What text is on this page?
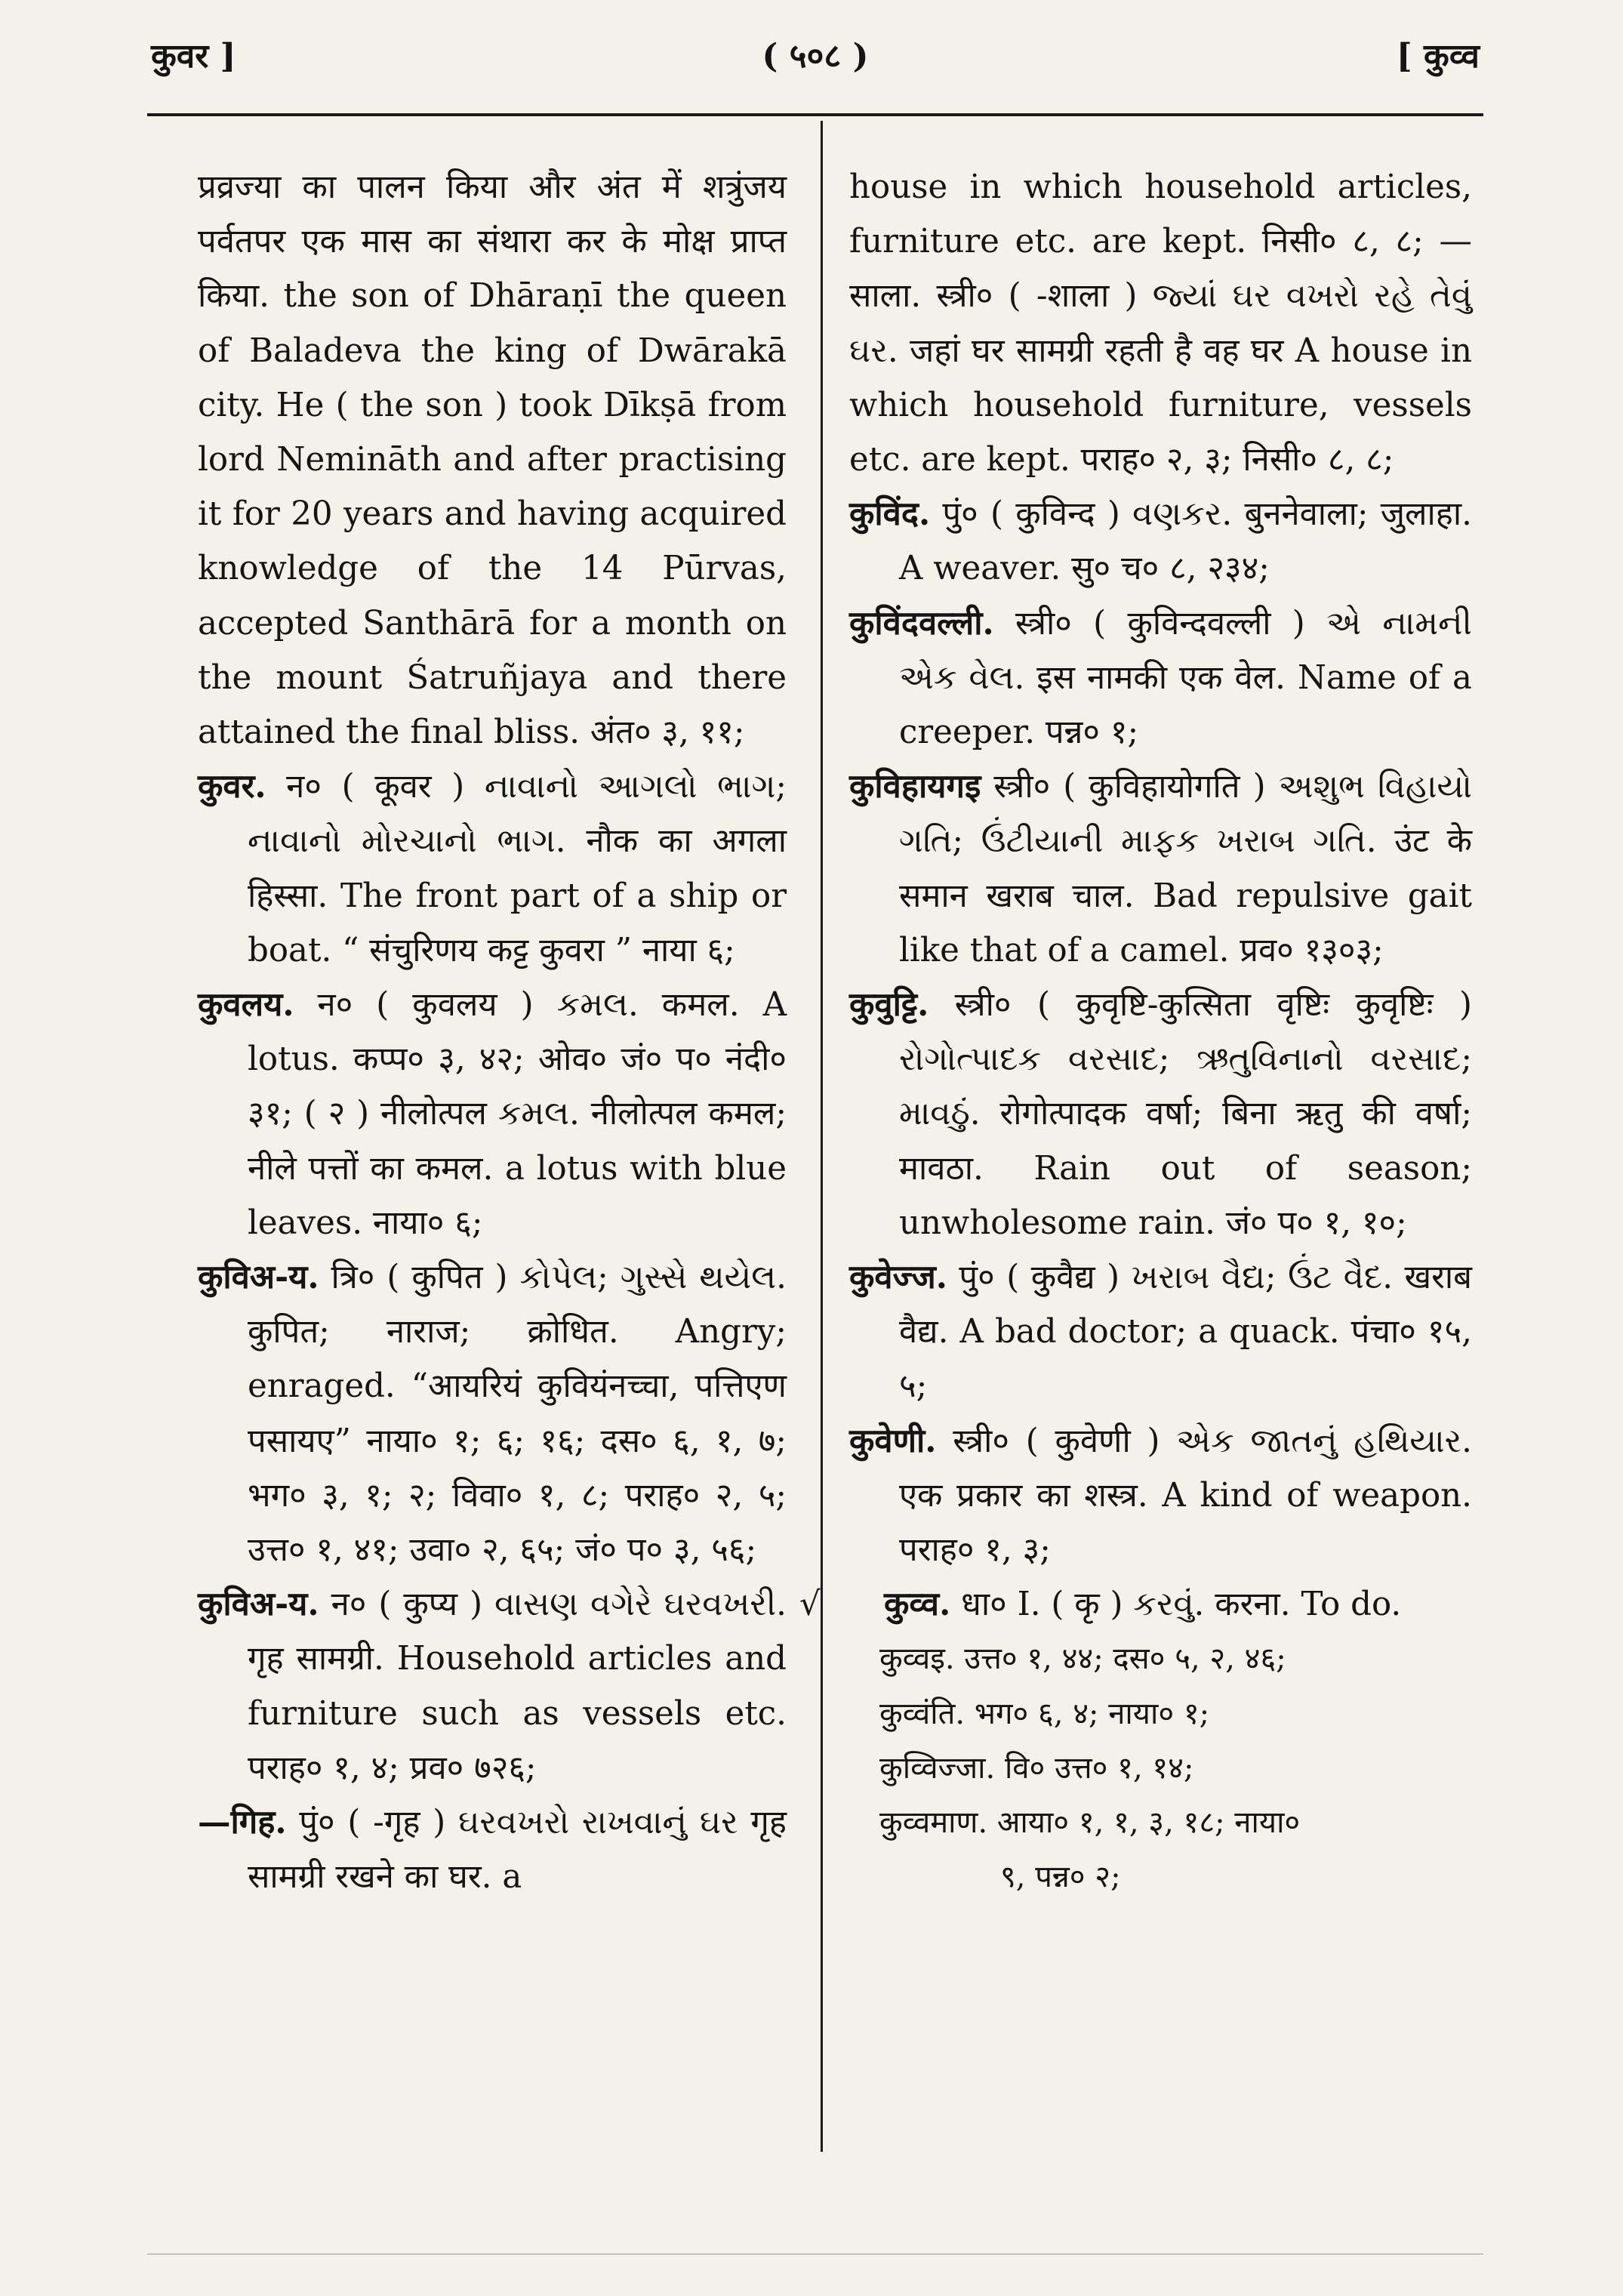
कुवर ]	( ५०८ )	[ कुव्व

प्रव्रज्या का पालन किया और अंत में शत्रुंजय पर्वतपर एक मास का संथारा कर के मोक्ष प्राप्त किया. the son of Dhāraṇī the queen of Baladeva the king of Dwārakā city. He ( the son ) took Dīkṣā from lord Nemināth and after practising it for 20 years and having acquired knowledge of the 14 Pūrvas, accepted Santhārā for a month on the mount Śatruñjaya and there attained the final bliss. अंत० ३, ११;

कुवर. न० ( कूवर ) નાવાનો આગલો ભાગ; નાવાનો મોરચાનો ભાગ. नौक का अगला हिस्सा. The front part of a ship or boat. “ संचुरिणय कट्ट कुवरा ” नाया ६;

कुवलय. न० ( कुवलय ) કમલ. कमल. A lotus. कप्प० ३, ४२; ओव० जं० प० नंदी० ३१; ( २ ) नीलोत्पल કમલ. नीलोत्पल कमल; नीले पत्तों का कमल. a lotus with blue leaves. नाया० ६;

कुविअ-य. त्रि० ( कुपित ) કોપેલ; ગુસ્સે થયેલ. कुपित; नाराज; क्रोधित. Angry; enraged. “आयरियं कुवियंनच्चा, पत्तिएण पसायए” नाया० १; ६; १६; दस० ६, १, ७; भग० ३, १; २; विवा० १, ८; पराह० २, ५; उत्त० १, ४१; उवा० २, ६५; जं० प० ३, ५६;

कुविअ-य. न० ( कुप्य ) વાસણ વગેરે ઘરવખરી. गृह सामग्री. Household articles and furniture such as vessels etc. पराह० १, ४; प्रव० ७२६;

—गिह. पुं० ( -गृह ) ઘરવખરો રાખવાનું ઘર गृह सामग्री रखने का घर. a

house in which household articles, furniture etc. are kept. निसी० ८, ८; —साला. स्त्री० ( -शाला ) જ્યાં ઘર વખરો રહે તેવું ઘર. जहां घर सामग्री रहती है वह घर A house in which household furniture, vessels etc. are kept. पराह० २, ३; निसी० ८, ८;

कुविंद. पुं० ( कुविन्द ) વણકર. बुननेवाला; जुलाहा. A weaver. सु० च० ८, २३४;

कुविंदवल्ली. स्त्री० ( कुविन्दवल्ली ) એ નામની એક વેલ. इस नामकी एक वेल. Name of a creeper. पन्न० १;

कुविहायगइ स्त्री० ( कुविहायोगति ) અશુભ વિહાયો ગતિ; ઉંટીયાની માફક ખરાબ ગતિ. उंट के समान खराब चाल. Bad repulsive gait like that of a camel. प्रव० १३०३;

कुवुट्टि. स्त्री० ( कुवृष्टि-कुत्सिता वृष्टिः कुवृष्टिः ) રોગોત્પાદક વરસાદ; ઋતુવિનાનો વરસાદ; માવઠું. रोगोत्पादक वर्षा; बिना ऋतु की वर्षा; मावठा. Rain out of season; unwholesome rain. जं० प० १, १०;

कुवेज्ज. पुं० ( कुवैद्य ) ખરાબ વૈદ્ય; ઉંટ વૈદ. खराब वैद्य. A bad doctor; a quack. पंचा० १५, ५;

कुवेणी. स्त्री० ( कुवेणी ) એક જાતનું હથિયાર. एक प्रकार का शस्त्र. A kind of weapon. पराह० १, ३;

√ कुव्व. धा० I. ( कृ ) કરવું. करना. To do.

कुव्वइ. उत्त० १, ४४; दस० ५, २, ४६;

कुव्वंति. भग० ६, ४; नाया० १;

कुव्विज्जा. वि० उत्त० १, १४;

कुव्वमाण. आया० १, १, ३, १८; नाया०

९, पन्न० २;
